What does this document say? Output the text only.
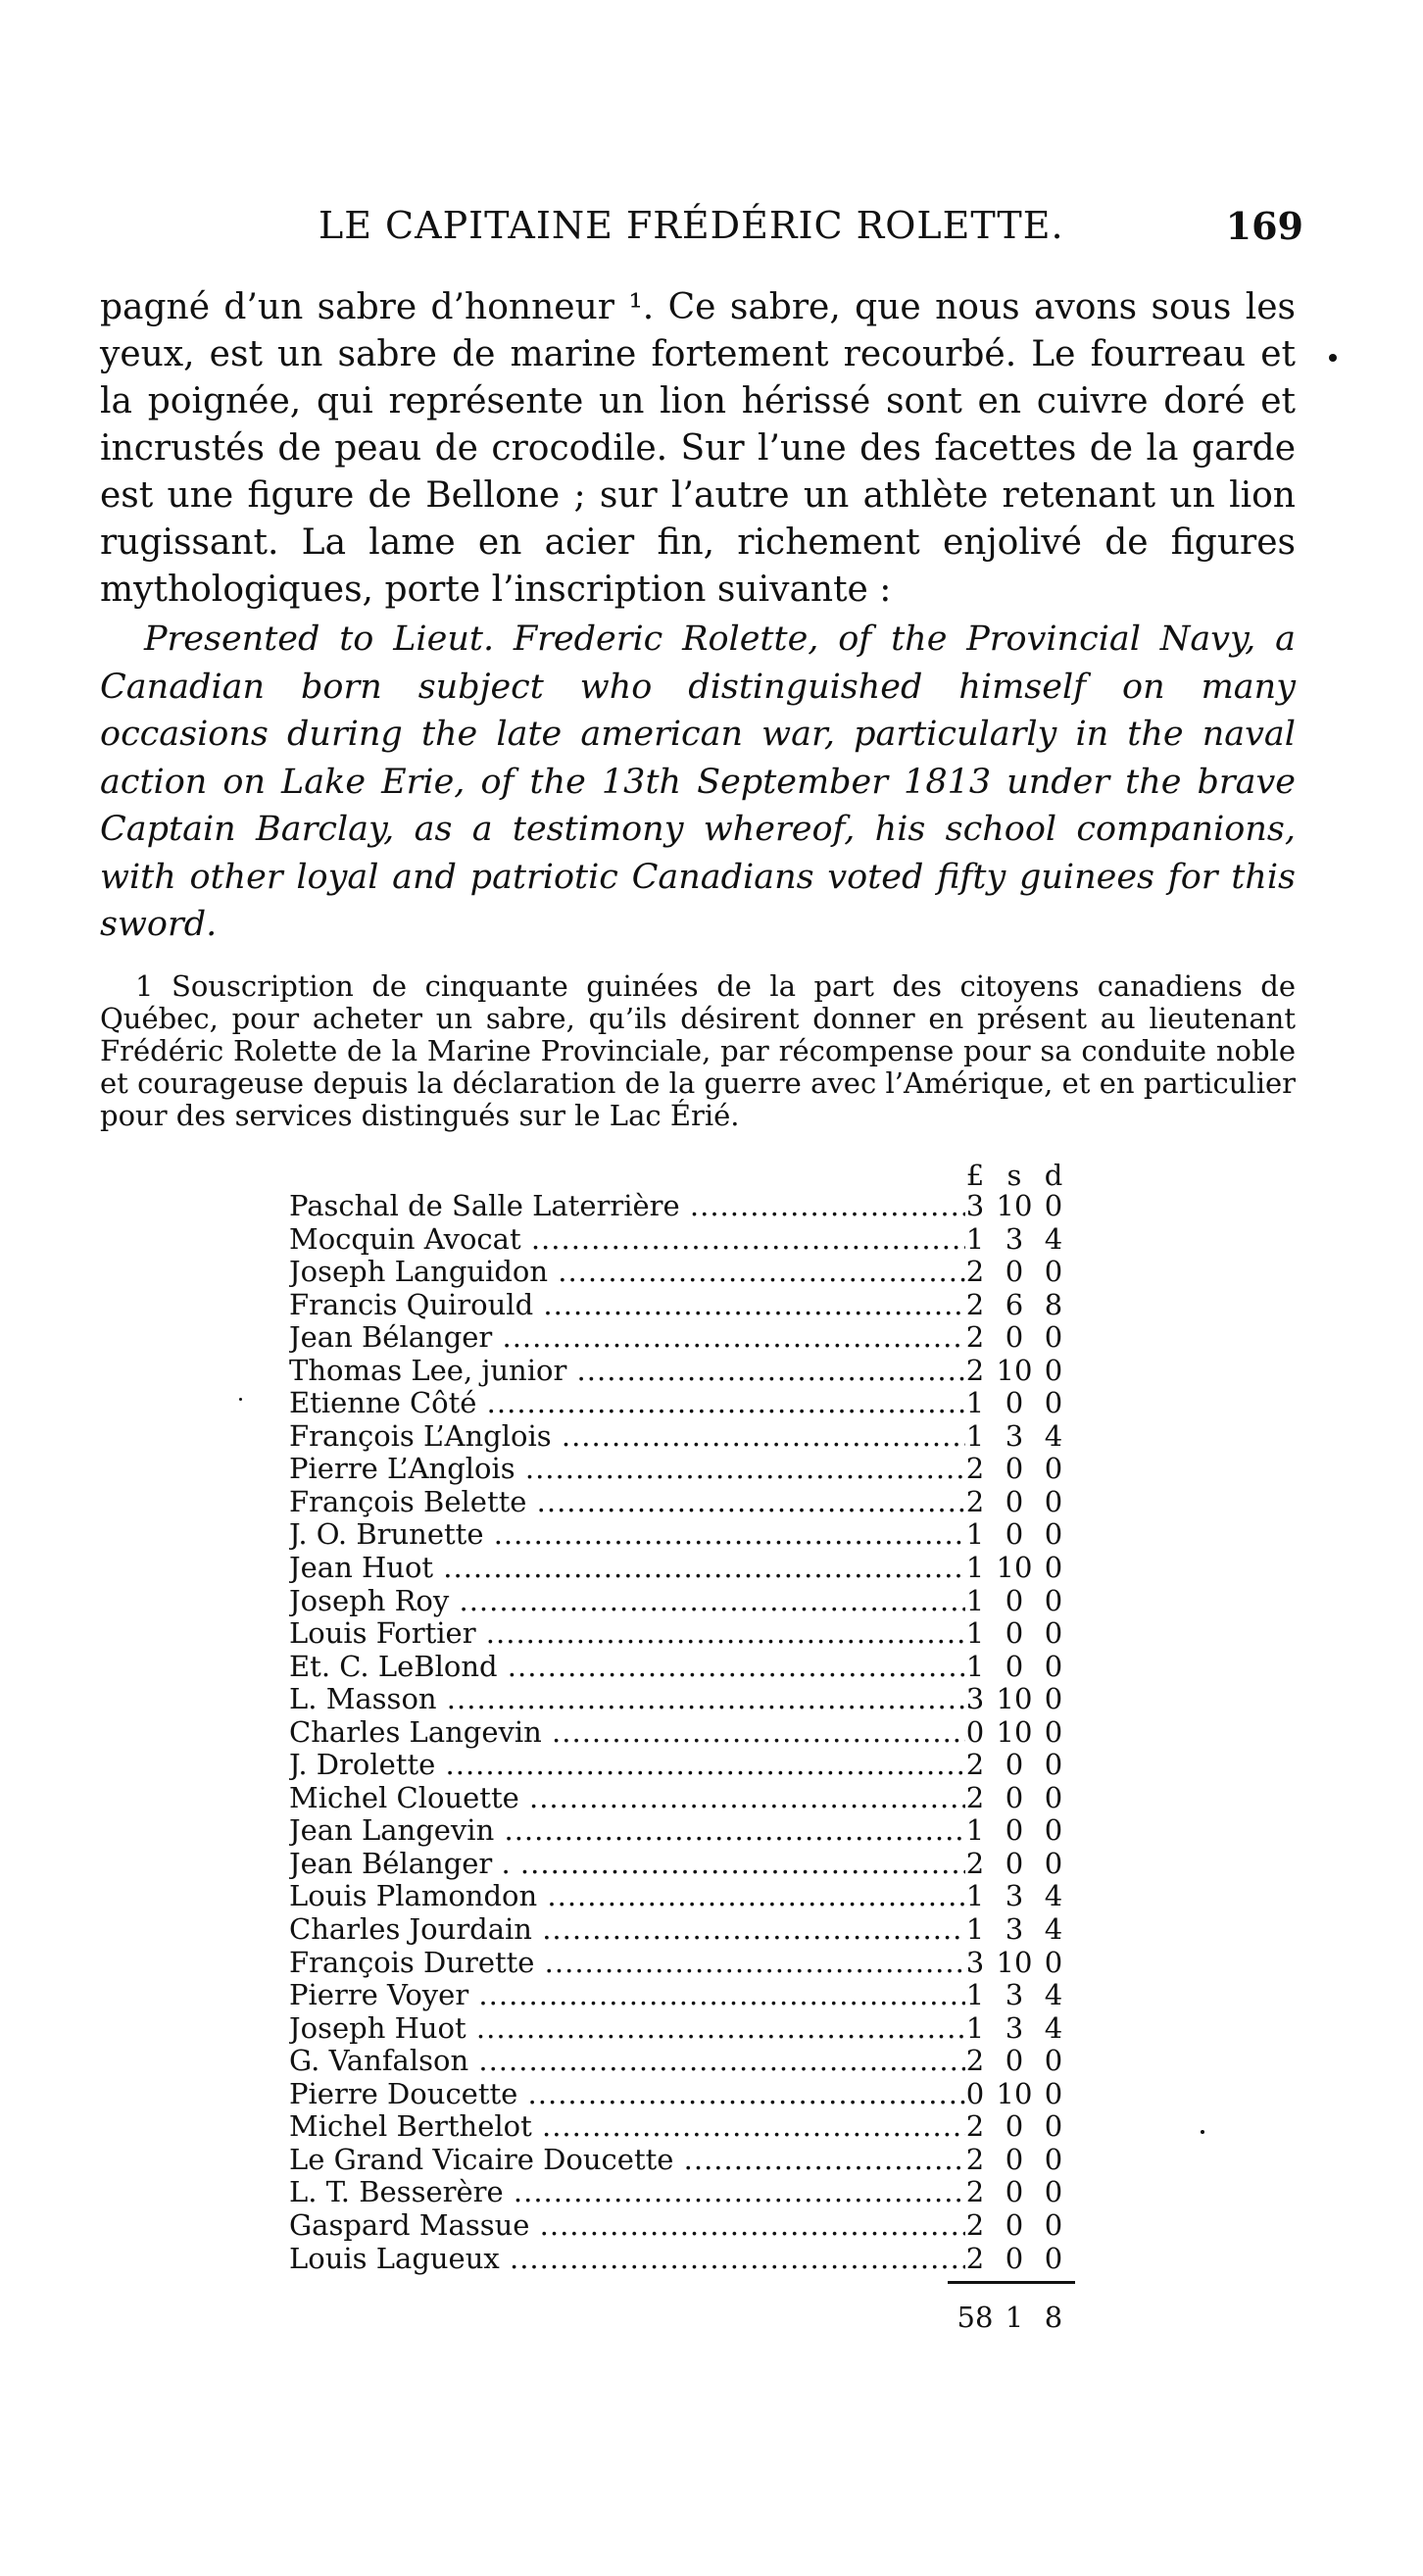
LE CAPITAINE FRÉDÉRIC ROLETTE.	169

pagné d’un sabre d’honneur ¹. Ce sabre, que nous avons sous les yeux, est un sabre de marine fortement recourbé. Le fourreau et la poignée, qui représente un lion hérissé sont en cuivre doré et incrustés de peau de crocodile. Sur l’une des facettes de la garde est une figure de Bellone ; sur l’autre un athlète retenant un lion rugissant. La lame en acier fin, richement enjolivé de figures mythologiques, porte l’inscription suivante :

Presented to Lieut. Frederic Rolette, of the Provincial Navy, a Canadian born subject who distinguished himself on many occasions during the late american war, particularly in the naval action on Lake Erie, of the 13th September 1813 under the brave Captain Barclay, as a testimony whereof, his school companions, with other loyal and patriotic Canadians voted fifty guinees for this sword.

1 Souscription de cinquante guinées de la part des citoyens canadiens de Québec, pour acheter un sabre, qu’ils désirent donner en présent au lieutenant Frédéric Rolette de la Marine Provinciale, par récompense pour sa conduite noble et courageuse depuis la déclaration de la guerre avec l’Amérique, et en particulier pour des services distingués sur le Lac Érié.

£ s d
Paschal de Salle Laterrière .....	3 10 0
Mocquin Avocat .....	1 3 4
Joseph Languidon .....	2 0 0
Francis Quirould .....	2 6 8
Jean Bélanger .....	2 0 0
Thomas Lee, junior .....	2 10 0
Etienne Côté .....	1 0 0
François L’Anglois .....	1 3 4
Pierre L’Anglois .....	2 0 0
François Belette .....	2 0 0
J. O. Brunette .....	1 0 0
Jean Huot .....	1 10 0
Joseph Roy .....	1 0 0
Louis Fortier .....	1 0 0
Et. C. LeBlond .....	1 0 0
L. Masson .....	3 10 0
Charles Langevin .....	0 10 0
J. Drolette .....	2 0 0
Michel Clouette .....	2 0 0
Jean Langevin .....	1 0 0
Jean Bélanger . .....	2 0 0
Louis Plamondon .....	1 3 4
Charles Jourdain .....	1 3 4
François Durette .....	3 10 0
Pierre Voyer .....	1 3 4
Joseph Huot .....	1 3 4
G. Vanfalson .....	2 0 0
Pierre Doucette .....	0 10 0
Michel Berthelot .....	2 0 0
Le Grand Vicaire Doucette .....	2 0 0
L. T. Besserère .....	2 0 0
Gaspard Massue .....	2 0 0
Louis Lagueux .....	2 0 0
58 1 8
